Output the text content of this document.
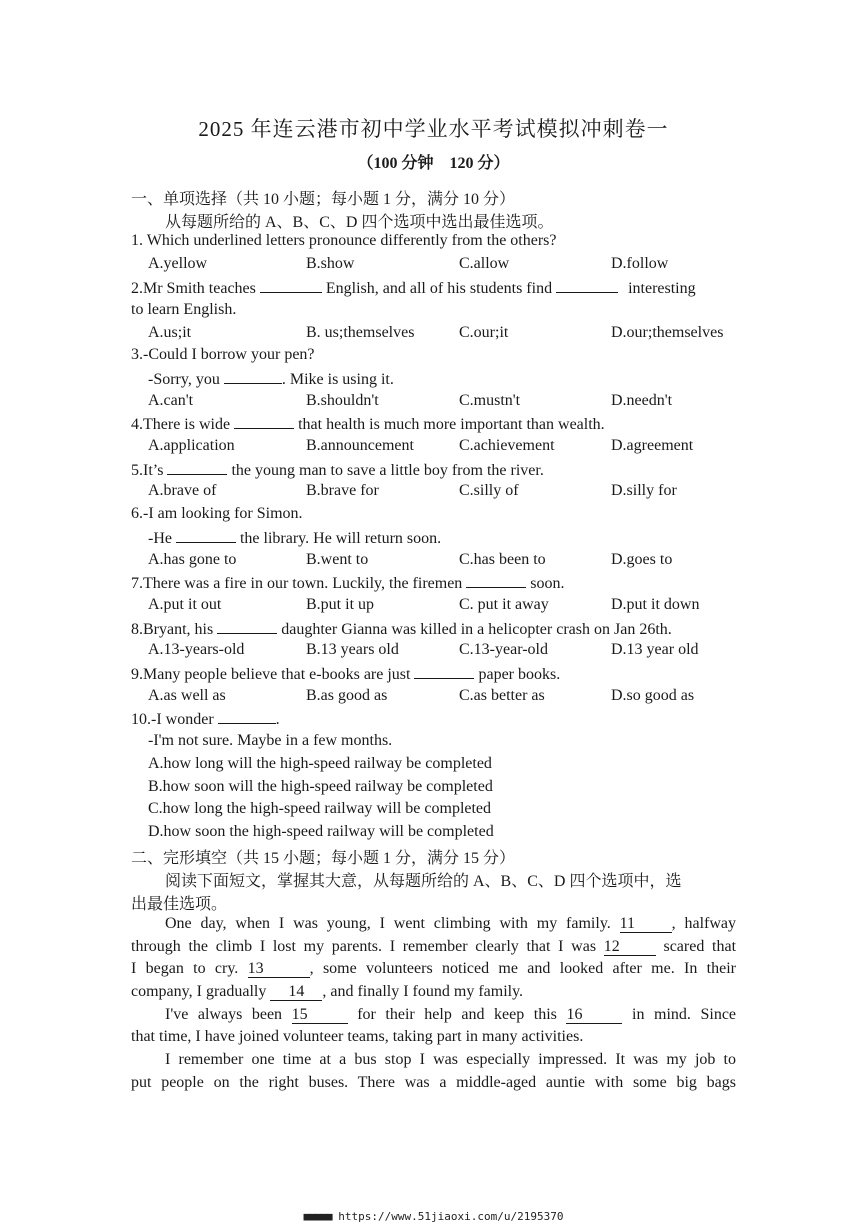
2025 年连云港市初中学业水平考试模拟冲刺卷一
（100 分钟　120 分）
一、单项选择（共 10 小题；每小题 1 分，满分 10 分）
从每题所给的 A、B、C、D 四个选项中选出最佳选项。
1. Which underlined letters pronounce differently from the others?
A.yellow	B.show	C.allow	D.follow
2.Mr Smith teaches	English, and all of his students find	interesting
to learn English.
A.us;it	B. us;themselves	C.our;it	D.our;themselves
3.-Could I borrow your pen?
-Sorry, you	. Mike is using it.
A.can't	B.shouldn't	C.mustn't	D.needn't
4.There is wide	that health is much more important than wealth.
A.application	B.announcement	C.achievement	D.agreement
5.It’s	the young man to save a little boy from the river.
A.brave of	B.brave for	C.silly of	D.silly for
6.-I am looking for Simon.
-He	the library. He will return soon.
A.has gone to	B.went to	C.has been to	D.goes to
7.There was a fire in our town. Luckily, the firemen	soon.
A.put it out	B.put it up	C. put it away	D.put it down
8.Bryant, his	daughter Gianna was killed in a helicopter crash on Jan 26th.
A.13-years-old	B.13 years old	C.13-year-old	D.13 year old
9.Many people believe that e-books are just	paper books.
A.as well as	B.as good as	C.as better as	D.so good as
10.-I wonder	.
-I'm not sure. Maybe in a few months.
A.how long will the high-speed railway be completed
B.how soon will the high-speed railway be completed
C.how long the high-speed railway will be completed
D.how soon the high-speed railway will be completed
二、完形填空（共 15 小题；每小题 1 分，满分 15 分）
阅读下面短文，掌握其大意，从每题所给的 A、B、C、D 四个选项中，选
出最佳选项。
One day, when I was young, I went climbing with my family. 11 , halfway
through the climb I lost my parents. I remember clearly that I was 12	scared that
I began to cry. 13	, some volunteers noticed me and looked after me. In their
company, I gradually 14 , and finally I found my family.
I've always been 15	for their help and keep this 16	in mind. Since
that time, I have joined volunteer teams, taking part in many activities.
I remember one time at a bus stop I was especially impressed. It was my job to
put people on the right buses. There was a middle-aged auntie with some big bags
■■■■■ https://www.51jiaoxi.com/u/2195370
